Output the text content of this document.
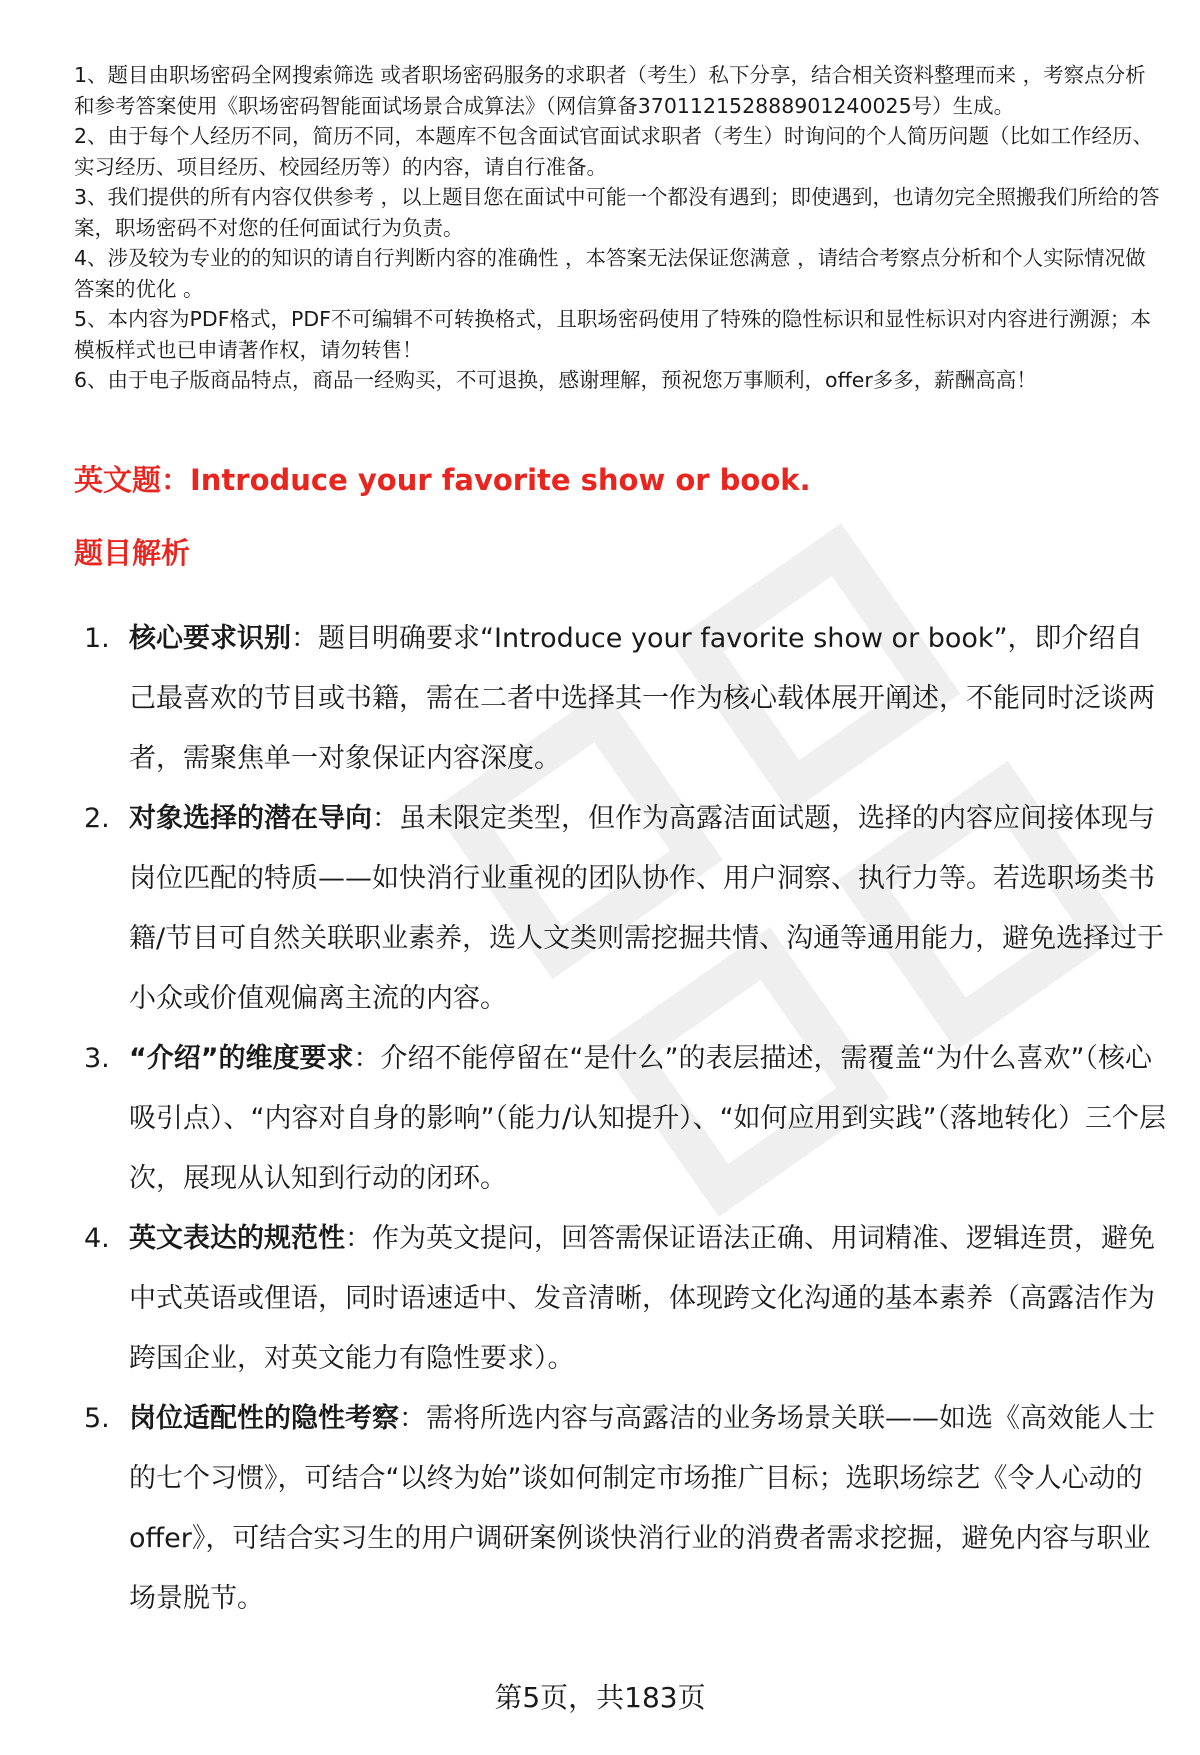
1、题目由职场密码全网搜索筛选 或者职场密码服务的求职者（考生）私下分享，结合相关资料整理而来 ，考察点分析和参考答案使用《职场密码智能面试场景合成算法》（网信算备370112152888901240025号）生成。

2、由于每个人经历不同，简历不同，本题库不包含面试官面试求职者（考生）时询问的个人简历问题（比如工作经历、实习经历、项目经历、校园经历等）的内容，请自行准备。

3、我们提供的所有内容仅供参考 ，以上题目您在面试中可能一个都没有遇到；即使遇到，也请勿完全照搬我们所给的答案，职场密码不对您的任何面试行为负责。

4、涉及较为专业的的知识的请自行判断内容的准确性 ，本答案无法保证您满意 ，请结合考察点分析和个人实际情况做答案的优化 。

5、本内容为PDF格式，PDF不可编辑不可转换格式，且职场密码使用了特殊的隐性标识和显性标识对内容进行溯源；本模板样式也已申请著作权，请勿转售！

6、由于电子版商品特点，商品一经购买，不可退换，感谢理解，预祝您万事顺利，offer多多，薪酬高高！

英文题：Introduce your favorite show or book.
题目解析
1. 核心要求识别：题目明确要求“Introduce your favorite show or book”，即介绍自己最喜欢的节目或书籍，需在二者中选择其一作为核心载体展开阐述，不能同时泛谈两者，需聚焦单一对象保证内容深度。
2. 对象选择的潜在导向：虽未限定类型，但作为高露洁面试题，选择的内容应间接体现与岗位匹配的特质——如快消行业重视的团队协作、用户洞察、执行力等。若选职场类书籍/节目可自然关联职业素养，选人文类则需挖掘共情、沟通等通用能力，避免选择过于小众或价值观偏离主流的内容。
3. “介绍”的维度要求：介绍不能停留在“是什么”的表层描述，需覆盖“为什么喜欢”（核心吸引点）、“内容对自身的影响”（能力/认知提升）、“如何应用到实践”（落地转化）三个层次，展现从认知到行动的闭环。
4. 英文表达的规范性：作为英文提问，回答需保证语法正确、用词精准、逻辑连贯，避免中式英语或俚语，同时语速适中、发音清晰，体现跨文化沟通的基本素养（高露洁作为跨国企业，对英文能力有隐性要求）。
5. 岗位适配性的隐性考察：需将所选内容与高露洁的业务场景关联——如选《高效能人士的七个习惯》，可结合“以终为始”谈如何制定市场推广目标；选职场综艺《令人心动的offer》，可结合实习生的用户调研案例谈快消行业的消费者需求挖掘，避免内容与职业场景脱节。
第5页，共183页
